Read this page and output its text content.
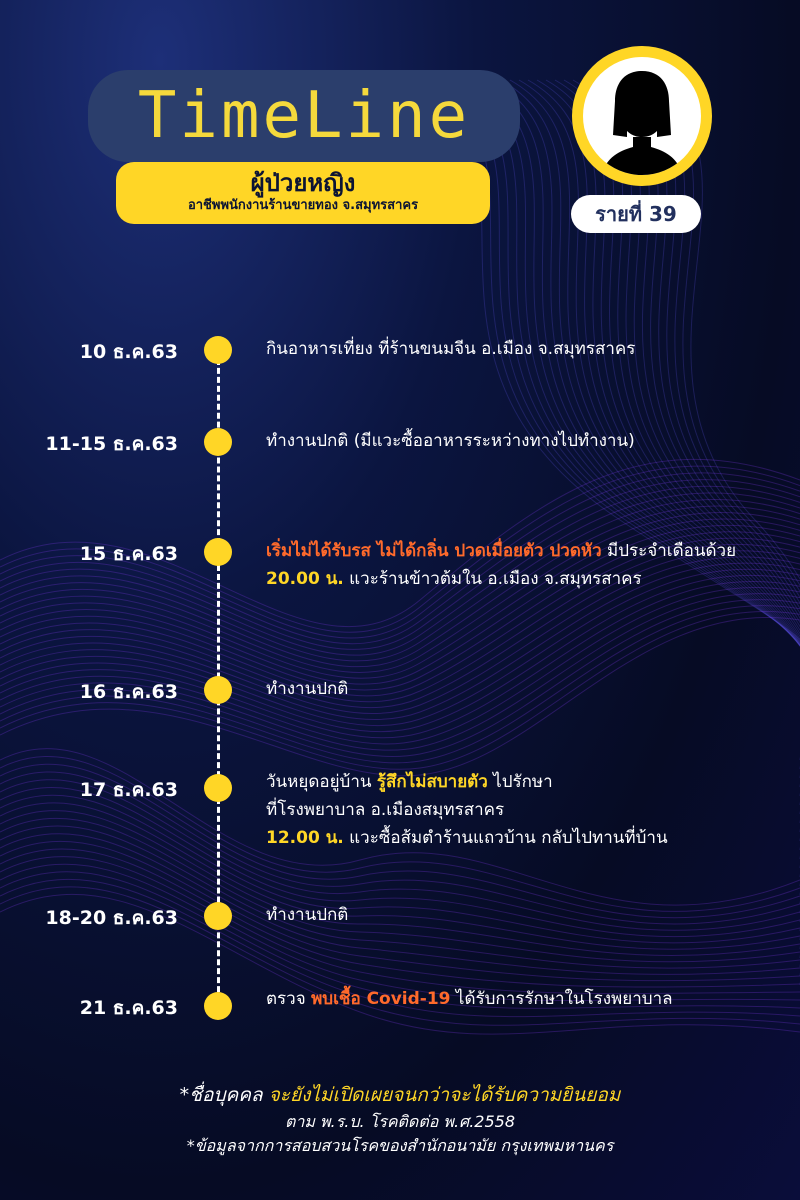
TimeLine
ผู้ป่วยหญิง
อาชีพพนักงานร้านขายทอง จ.สมุทรสาคร	รายที่ 39
10 ธ.ค.63	กินอาหารเที่ยง ที่ร้านขนมจีน อ.เมือง จ.สมุทรสาคร
11-15 ธ.ค.63	ทำงานปกติ (มีแวะซื้ออาหารระหว่างทางไปทำงาน)
15 ธ.ค.63	เริ่มไม่ได้รับรส ไม่ได้กลิ่น ปวดเมื่อยตัว ปวดหัว มีประจำเดือนด้วย
20.00 น. แวะร้านข้าวต้มใน อ.เมือง จ.สมุทรสาคร
16 ธ.ค.63	ทำงานปกติ
17 ธ.ค.63	วันหยุดอยู่บ้าน รู้สึกไม่สบายตัว ไปรักษา
ที่โรงพยาบาล อ.เมืองสมุทรสาคร
12.00 น. แวะซื้อส้มตำร้านแถวบ้าน กลับไปทานที่บ้าน
18-20 ธ.ค.63	ทำงานปกติ
21 ธ.ค.63	ตรวจ พบเชื้อ Covid-19 ได้รับการรักษาในโรงพยาบาล
*ชื่อบุคคล จะยังไม่เปิดเผยจนกว่าจะได้รับความยินยอม
ตาม พ.ร.บ. โรคติดต่อ พ.ศ.2558
*ข้อมูลจากการสอบสวนโรคของสำนักอนามัย กรุงเทพมหานคร
